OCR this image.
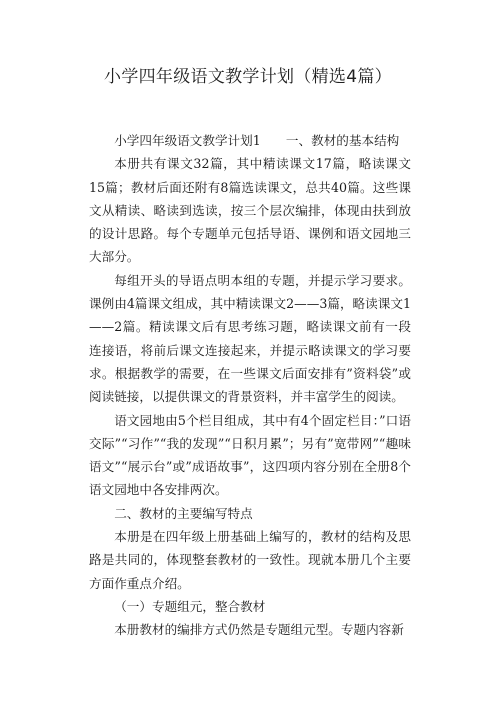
小学四年级语文教学计划（精选4篇）

小学四年级语文教学计划1　　一、教材的基本结构

本册共有课文32篇，其中精读课文17篇，略读课文15篇；教材后面还附有8篇选读课文，总共40篇。这些课文从精读、略读到选读，按三个层次编排，体现由扶到放的设计思路。每个专题单元包括导语、课例和语文园地三大部分。

每组开头的导语点明本组的专题，并提示学习要求。课例由4篇课文组成，其中精读课文2——3篇，略读课文1——2篇。精读课文后有思考练习题，略读课文前有一段连接语，将前后课文连接起来，并提示略读课文的学习要求。根据教学的需要，在一些课文后面安排有”资料袋”或阅读链接，以提供课文的背景资料，并丰富学生的阅读。

语文园地由5个栏目组成，其中有4个固定栏目：”口语交际”“习作”“我的发现”“日积月累”；另有”宽带网”“趣味语文”“展示台”或”成语故事”，这四项内容分别在全册8个语文园地中各安排两次。

二、教材的主要编写特点

本册是在四年级上册基础上编写的，教材的结构及思路是共同的，体现整套教材的一致性。现就本册几个主要方面作重点介绍。

（一）专题组元，整合教材

本册教材的编排方式仍然是专题组元型。专题内容新
